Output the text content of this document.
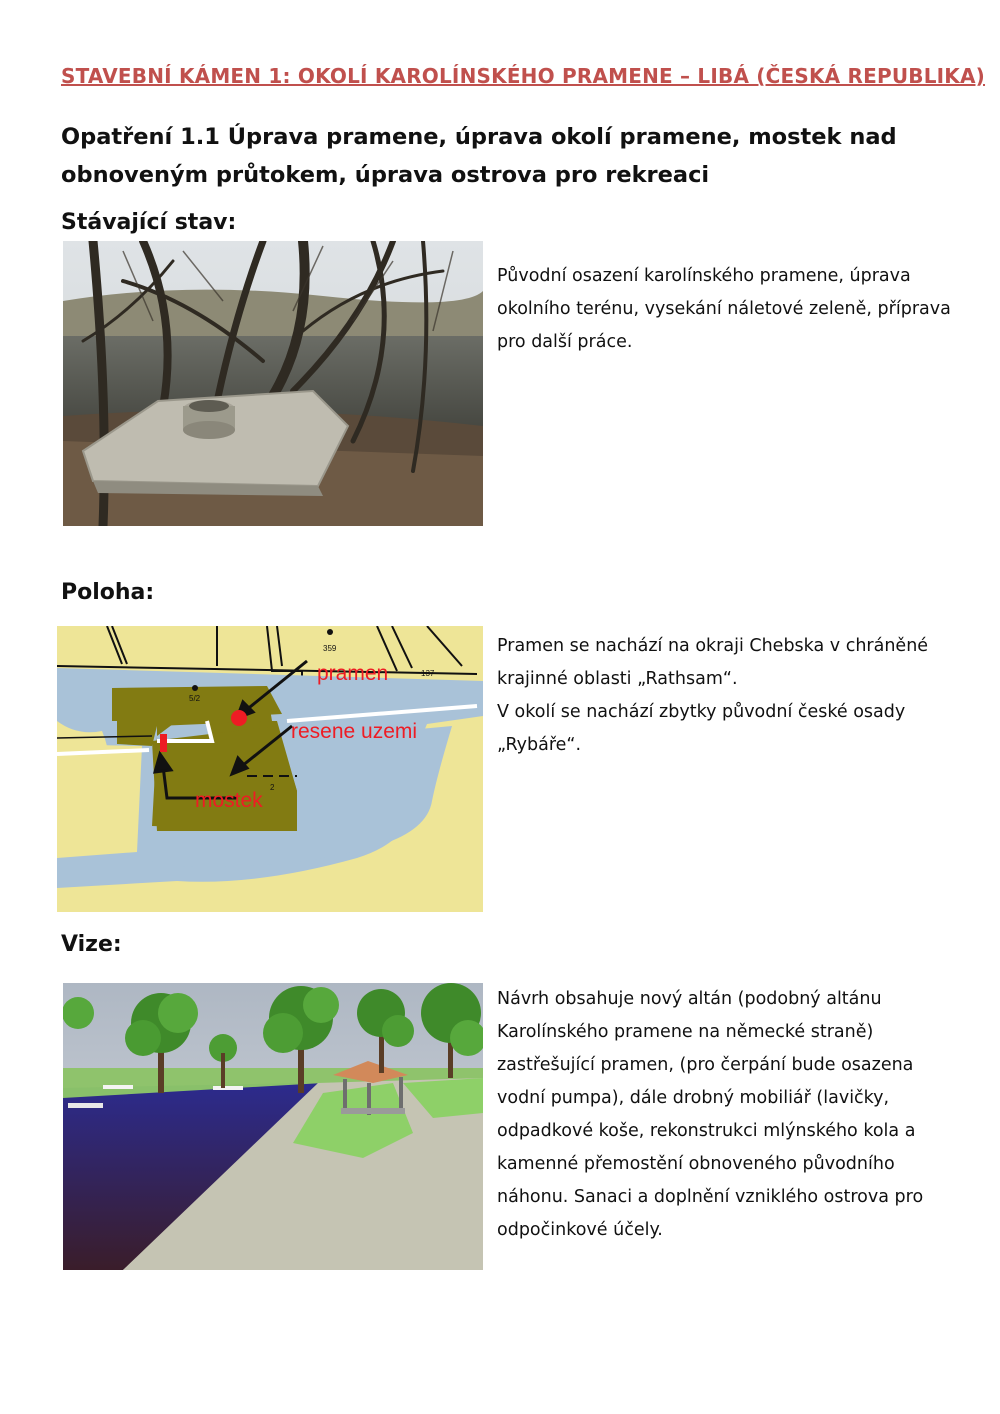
STAVEBNÍ KÁMEN 1: OKOLÍ KAROLÍNSKÉHO PRAMENE – LIBÁ (ČESKÁ REPUBLIKA)
Opatření 1.1 Úprava pramene, úprava okolí pramene, mostek nad obnoveným průtokem, úprava ostrova pro rekreaci
Stávající stav:

Původní osazení karolínského pramene, úprava okolního terénu, vysekání náletové zeleně, příprava pro další práce.

Poloha:
359
5/2
137
2
pramen
resene uzemi
mostek

Pramen se nachází na okraji Chebska v chráněné krajinné oblasti „Rathsam“.

V okolí se nachází zbytky původní české osady „Rybáře“.

Vize:

Návrh obsahuje nový altán (podobný altánu Karolínského pramene na německé straně) zastřešující pramen, (pro čerpání bude osazena vodní pumpa), dále drobný mobiliář (lavičky, odpadkové koše, rekonstrukci mlýnského kola a kamenné přemostění obnoveného původního náhonu. Sanaci a doplnění vzniklého ostrova pro odpočinkové účely.
